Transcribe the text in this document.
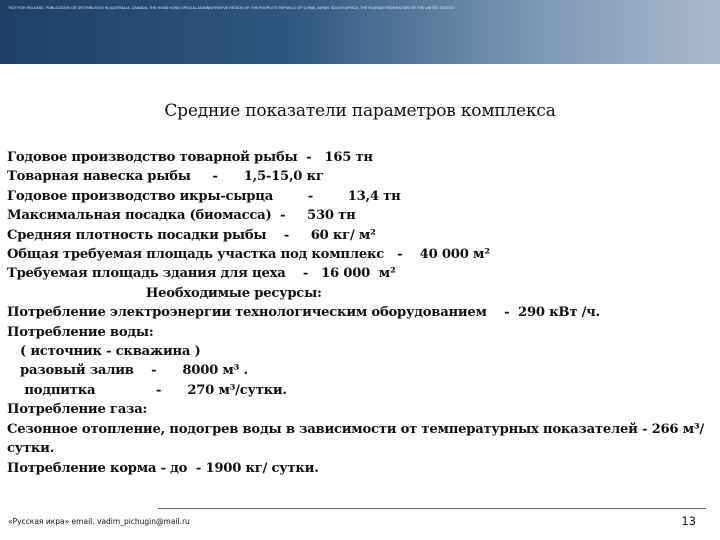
"NOT FOR RELEASE, PUBLICATION OR DISTRIBUTION IN AUSTRALIA, CANADA, THE HONG KONG SPECIAL ADMINISTRATIVE REGION OF THE PEOPLE'S REPUBLIC OF CHINA, JAPAN, SOUTH AFRICA, THE RUSSIAN FEDERATION OR THE UNITED STATES."
Средние показатели параметров комплекса
Годовое производство товарной рыбы  -   165 тн
Товарная навеска рыбы     -      1,5-15,0 кг
Годовое производство икры-сырца        -        13,4 тн
Максимальная посадка (биомасса)  -     530 тн
Средняя плотность посадки рыбы    -     60 кг/ м²
Общая требуемая площадь участка под комплекс   -    40 000 м²
Требуемая площадь здания для цеха    -   16 000  м²
Необходимые ресурсы:
Потребление электроэнергии технологическим оборудованием    -  290 кВт /ч.
Потребление воды:
( источник - скважина )
разовый залив    -      8000 м³ .
подпитка              -      270 м³/сутки.
Потребление газа:
Сезонное отопление, подогрев воды в зависимости от температурных показателей - 266 м³/сутки.
Потребление корма - до  - 1900 кг/ сутки.
«Русская икра» email. vadim_pichugin@mail.ru	13
